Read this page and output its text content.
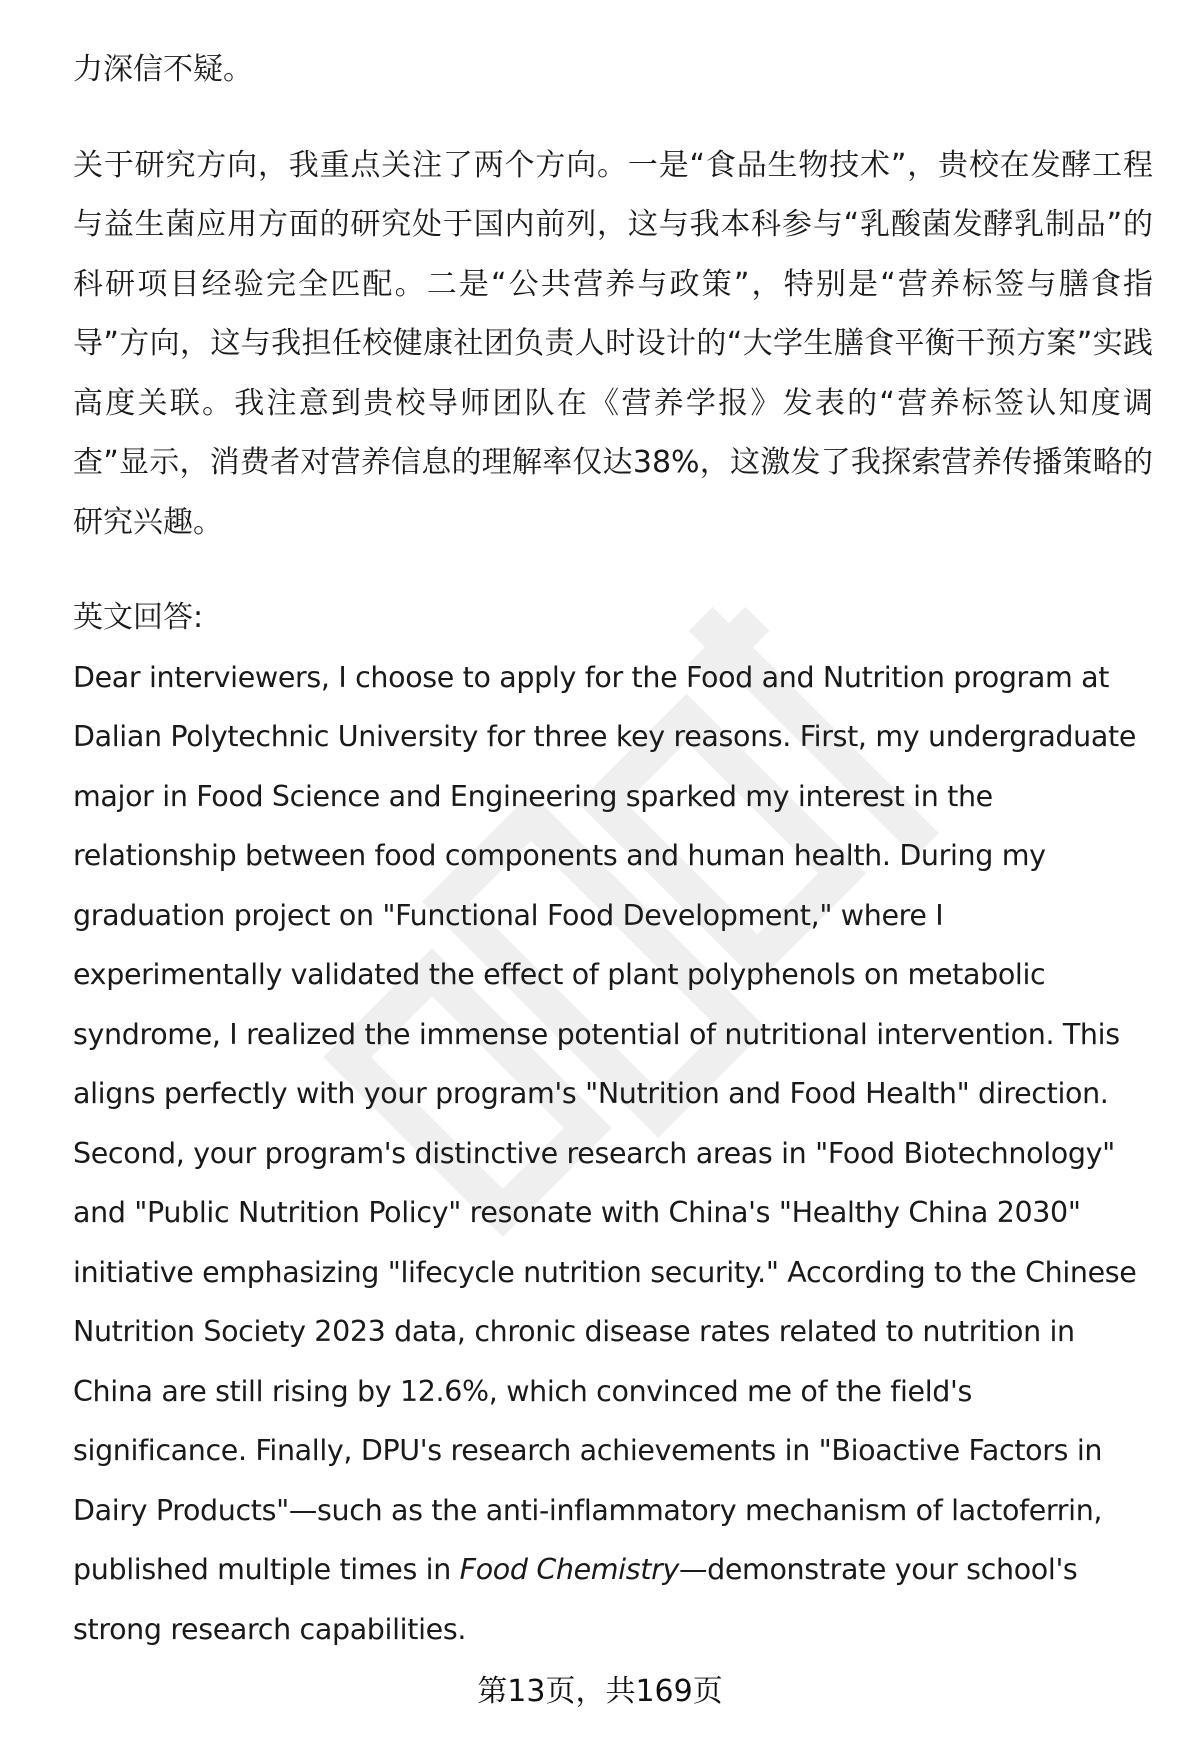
力深信不疑。

关于研究方向，我重点关注了两个方向。一是“食品生物技术”，贵校在发酵工程与益生菌应用方面的研究处于国内前列，这与我本科参与“乳酸菌发酵乳制品”的科研项目经验完全匹配。二是“公共营养与政策”，特别是“营养标签与膳食指导”方向，这与我担任校健康社团负责人时设计的“大学生膳食平衡干预方案”实践高度关联。我注意到贵校导师团队在《营养学报》发表的“营养标签认知度调查”显示，消费者对营养信息的理解率仅达38%，这激发了我探索营养传播策略的研究兴趣。

英文回答:

Dear interviewers, I choose to apply for the Food and Nutrition program at Dalian Polytechnic University for three key reasons. First, my undergraduate major in Food Science and Engineering sparked my interest in the relationship between food components and human health. During my graduation project on "Functional Food Development," where I experimentally validated the effect of plant polyphenols on metabolic syndrome, I realized the immense potential of nutritional intervention. This aligns perfectly with your program's "Nutrition and Food Health" direction. Second, your program's distinctive research areas in "Food Biotechnology" and "Public Nutrition Policy" resonate with China's "Healthy China 2030" initiative emphasizing "lifecycle nutrition security." According to the Chinese Nutrition Society 2023 data, chronic disease rates related to nutrition in China are still rising by 12.6%, which convinced me of the field's significance. Finally, DPU's research achievements in "Bioactive Factors in Dairy Products"—such as the anti-inflammatory mechanism of lactoferrin, published multiple times in Food Chemistry—demonstrate your school's strong research capabilities.

第13页，共169页
